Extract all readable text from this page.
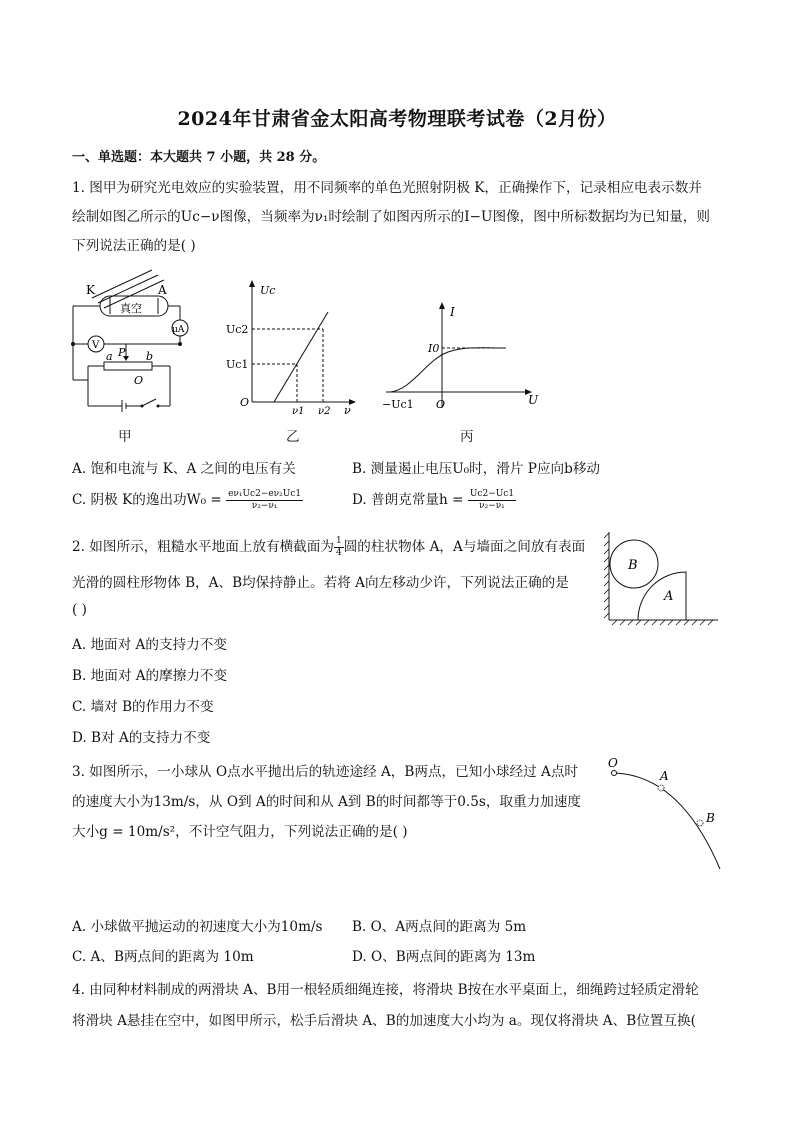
2024年甘肃省金太阳高考物理联考试卷（2月份）
一、单选题：本大题共 7 小题，共 28 分。
1. 图甲为研究光电效应的实验装置，用不同频率的单色光照射阴极 K，正确操作下，记录相应电表示数并
绘制如图乙所示的Uc−ν图像，当频率为ν₁时绘制了如图丙所示的I−U图像，图中所标数据均为已知量，则
下列说法正确的是( )
K	A
真空
μA
V
P
a	b
O
Uc
Uc2
Uc1
O
ν1 ν2 ν
I
I0
−Uc1 O	U
甲	乙	丙
A. 饱和电流与 K、A 之间的电压有关	B. 测量遏止电压U₀时，滑片 P应向b移动
C. 阴极 K的逸出功$W_0 = \frac{\text{eν₁Uc2−eν₂Uc1}}{\text{ν₂−ν₁}}$	D. 普朗克常量$h = \frac{Uc2-Uc1}{\text{ν₂−ν₁}}$
2. 如图所示，粗糙水平地面上放有横截面为 $\frac{1}{4}$ 圆的柱状物体 A，A与墙面之间放有表面
光滑的圆柱形物体 B，A、B均保持静止。若将 A向左移动少许，下列说法正确的是
( )
B
A
A. 地面对 A的支持力不变
B. 地面对 A的摩擦力不变
C. 墙对 B的作用力不变
D. B对 A的支持力不变
3. 如图所示，一小球从 O点水平抛出后的轨迹途经 A，B两点，已知小球经过 A点时
的速度大小为13m/s，从 O到 A的时间和从 A到 B的时间都等于0.5s，取重力加速度
大小g = 10m/s²，不计空气阻力，下列说法正确的是( )
O
A
B
A. 小球做平抛运动的初速度大小为10m/s B. O、A两点间的距离为 5m
C. A、B两点间的距离为 10m	D. O、B两点间的距离为 13m
4. 由同种材料制成的两滑块 A、B用一根轻质细绳连接，将滑块 B按在水平桌面上，细绳跨过轻质定滑轮
将滑块 A悬挂在空中，如图甲所示，松手后滑块 A、B的加速度大小均为 a。现仅将滑块 A、B位置互换(
